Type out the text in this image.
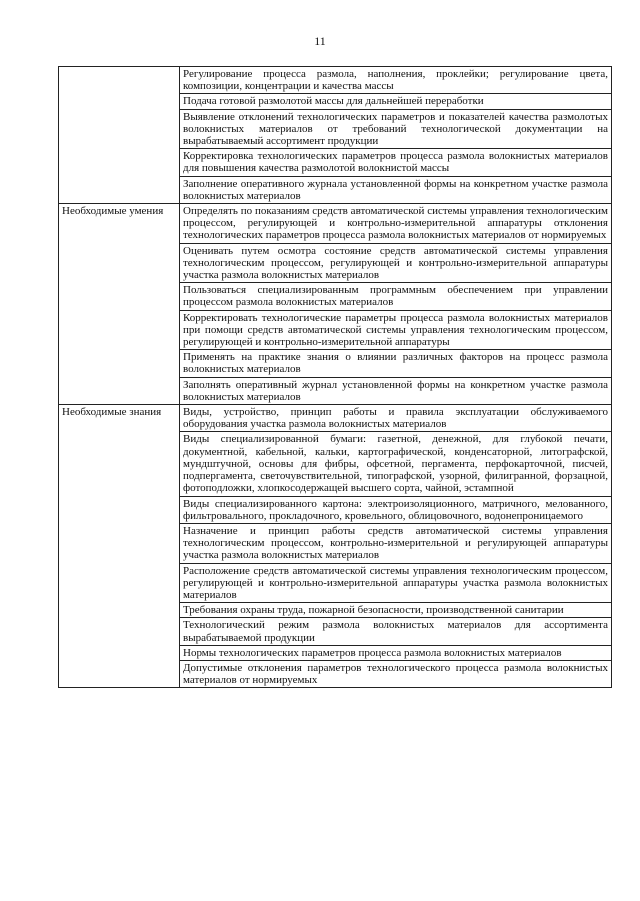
11
	Регулирование процесса размола, наполнения, проклейки; регулирование цвета, композиции, концентрации и качества массы
	Подача готовой размолотой массы для дальнейшей переработки
	Выявление отклонений технологических параметров и показателей качества размолотых волокнистых материалов от требований технологической документации на вырабатываемый ассортимент продукции
	Корректировка технологических параметров процесса размола волокнистых материалов для повышения качества размолотой волокнистой массы
	Заполнение оперативного журнала установленной формы на конкретном участке размола волокнистых материалов
Необходимые умения	Определять по показаниям средств автоматической системы управления технологическим процессом, регулирующей и контрольно-измерительной аппаратуры отклонения технологических параметров процесса размола волокнистых материалов от нормируемых
	Оценивать путем осмотра состояние средств автоматической системы управления технологическим процессом, регулирующей и контрольно-измерительной аппаратуры участка размола волокнистых материалов
	Пользоваться специализированным программным обеспечением при управлении процессом размола волокнистых материалов
	Корректировать технологические параметры процесса размола волокнистых материалов при помощи средств автоматической системы управления технологическим процессом, регулирующей и контрольно-измерительной аппаратуры
	Применять на практике знания о влиянии различных факторов на процесс размола волокнистых материалов
	Заполнять оперативный журнал установленной формы на конкретном участке размола волокнистых материалов
Необходимые знания	Виды, устройство, принцип работы и правила эксплуатации обслуживаемого оборудования участка размола волокнистых материалов
	Виды специализированной бумаги: газетной, денежной, для глубокой печати, документной, кабельной, кальки, картографической, конденсаторной, литографской, мундштучной, основы для фибры, офсетной, пергамента, перфокарточной, писчей, подпергамента, светочувствительной, типографской, узорной, филигранной, форзацной, фотоподложки, хлопкосодержащей высшего сорта, чайной, эстампной
	Виды специализированного картона: электроизоляционного, матричного, мелованного, фильтровального, прокладочного, кровельного, облицовочного, водонепроницаемого
	Назначение и принцип работы средств автоматической системы управления технологическим процессом, контрольно-измерительной и регулирующей аппаратуры участка размола волокнистых материалов
	Расположение средств автоматической системы управления технологическим процессом, регулирующей и контрольно-измерительной аппаратуры участка размола волокнистых материалов
	Требования охраны труда, пожарной безопасности, производственной санитарии
	Технологический режим размола волокнистых материалов для ассортимента вырабатываемой продукции
	Нормы технологических параметров процесса размола волокнистых материалов
	Допустимые отклонения параметров технологического процесса размола волокнистых материалов от нормируемых
